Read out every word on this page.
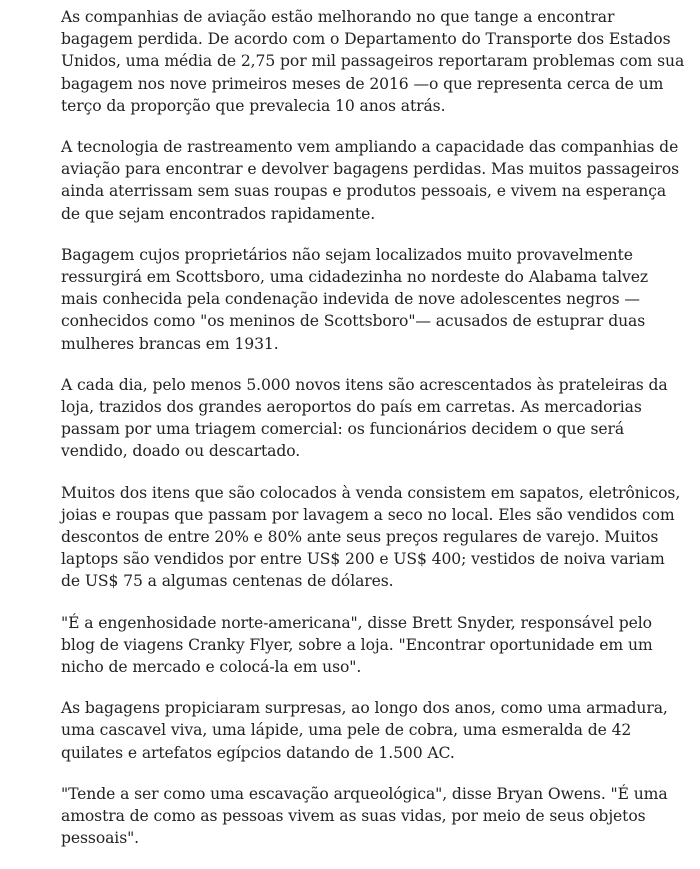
As companhias de aviação estão melhorando no que tange a encontrar bagagem perdida. De acordo com o Departamento do Transporte dos Estados Unidos, uma média de 2,75 por mil passageiros reportaram problemas com sua bagagem nos nove primeiros meses de 2016 —o que representa cerca de um terço da proporção que prevalecia 10 anos atrás.

A tecnologia de rastreamento vem ampliando a capacidade das companhias de aviação para encontrar e devolver bagagens perdidas. Mas muitos passageiros ainda aterrissam sem suas roupas e produtos pessoais, e vivem na esperança de que sejam encontrados rapidamente.

Bagagem cujos proprietários não sejam localizados muito provavelmente ressurgirá em Scottsboro, uma cidadezinha no nordeste do Alabama talvez mais conhecida pela condenação indevida de nove adolescentes negros — conhecidos como "os meninos de Scottsboro"— acusados de estuprar duas mulheres brancas em 1931.

A cada dia, pelo menos 5.000 novos itens são acrescentados às prateleiras da loja, trazidos dos grandes aeroportos do país em carretas. As mercadorias passam por uma triagem comercial: os funcionários decidem o que será vendido, doado ou descartado.

Muitos dos itens que são colocados à venda consistem em sapatos, eletrônicos, joias e roupas que passam por lavagem a seco no local. Eles são vendidos com descontos de entre 20% e 80% ante seus preços regulares de varejo. Muitos laptops são vendidos por entre US$ 200 e US$ 400; vestidos de noiva variam de US$ 75 a algumas centenas de dólares.

"É a engenhosidade norte-americana", disse Brett Snyder, responsável pelo blog de viagens Cranky Flyer, sobre a loja. "Encontrar oportunidade em um nicho de mercado e colocá-la em uso".

As bagagens propiciaram surpresas, ao longo dos anos, como uma armadura, uma cascavel viva, uma lápide, uma pele de cobra, uma esmeralda de 42 quilates e artefatos egípcios datando de 1.500 AC.

"Tende a ser como uma escavação arqueológica", disse Bryan Owens. "É uma amostra de como as pessoas vivem as suas vidas, por meio de seus objetos pessoais".
